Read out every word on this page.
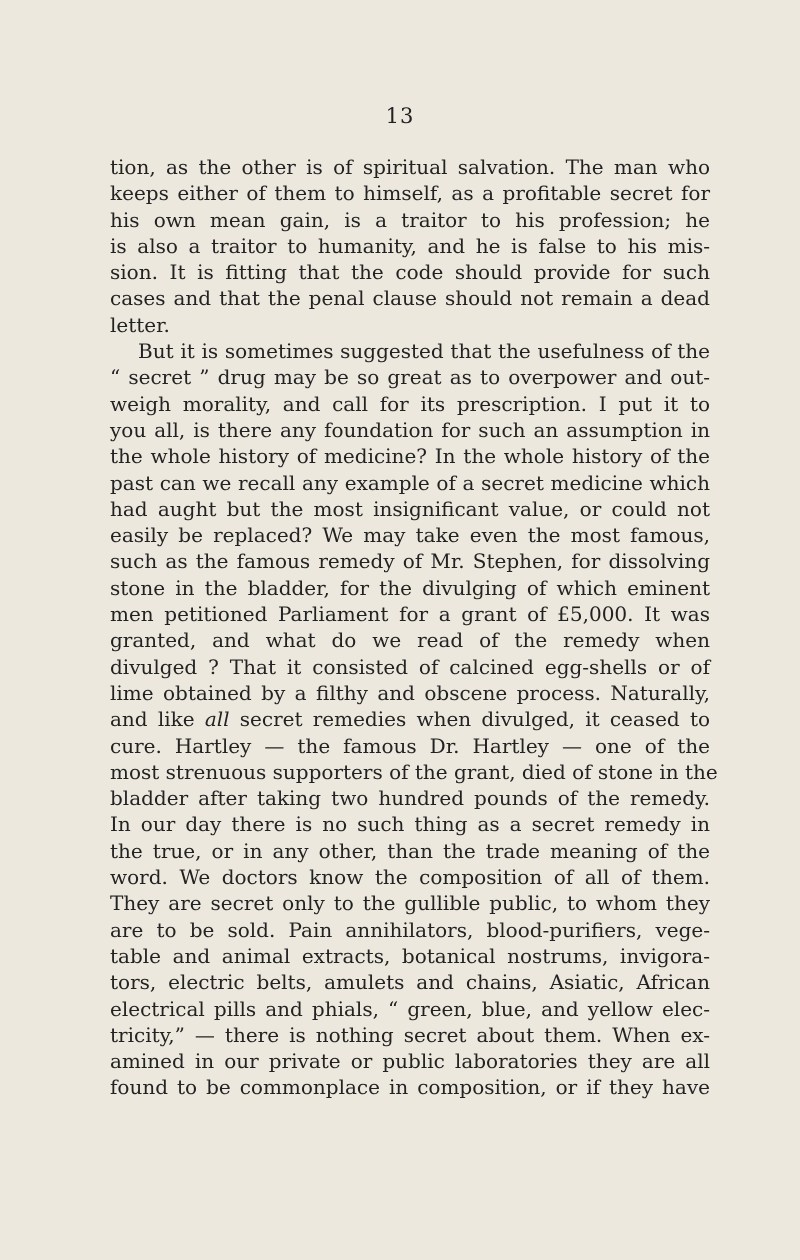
13
tion, as the other is of spiritual salvation. The man who
keeps either of them to himself, as a profitable secret for
his own mean gain, is a traitor to his profession; he
is also a traitor to humanity, and he is false to his mis-
sion. It is fitting that the code should provide for such
cases and that the penal clause should not remain a dead
letter.
But it is sometimes suggested that the usefulness of the
“ secret ” drug may be so great as to overpower and out-
weigh morality, and call for its prescription. I put it to
you all, is there any foundation for such an assumption in
the whole history of medicine? In the whole history of the
past can we recall any example of a secret medicine which
had aught but the most insignificant value, or could not
easily be replaced? We may take even the most famous,
such as the famous remedy of Mr. Stephen, for dissolving
stone in the bladder, for the divulging of which eminent
men petitioned Parliament for a grant of £5,000. It was
granted, and what do we read of the remedy when
divulged ? That it consisted of calcined egg-shells or of
lime obtained by a filthy and obscene process. Naturally,
and like all secret remedies when divulged, it ceased to
cure. Hartley — the famous Dr. Hartley — one of the
most strenuous supporters of the grant, died of stone in the
bladder after taking two hundred pounds of the remedy.
In our day there is no such thing as a secret remedy in
the true, or in any other, than the trade meaning of the
word. We doctors know the composition of all of them.
They are secret only to the gullible public, to whom they
are to be sold. Pain annihilators, blood-purifiers, vege-
table and animal extracts, botanical nostrums, invigora-
tors, electric belts, amulets and chains, Asiatic, African
electrical pills and phials, “ green, blue, and yellow elec-
tricity,” — there is nothing secret about them. When ex-
amined in our private or public laboratories they are all
found to be commonplace in composition, or if they have
